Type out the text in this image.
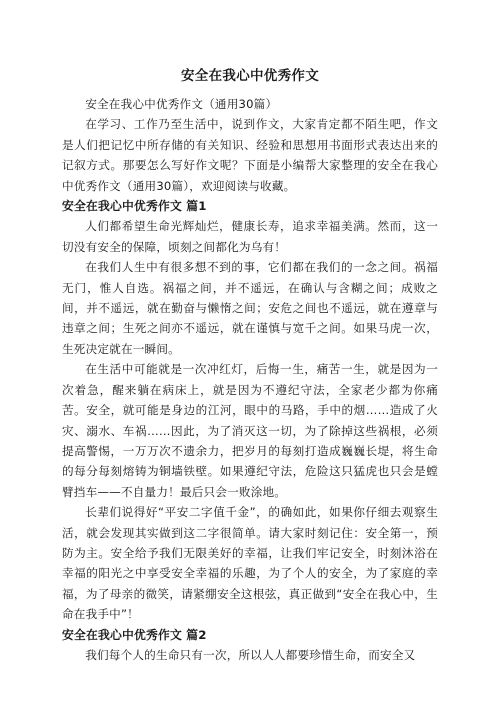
安全在我心中优秀作文

安全在我心中优秀作文（通用30篇）

在学习、工作乃至生活中，说到作文，大家肯定都不陌生吧，作文是人们把记忆中所存储的有关知识、经验和思想用书面形式表达出来的记叙方式。那要怎么写好作文呢？下面是小编帮大家整理的安全在我心中优秀作文（通用30篇），欢迎阅读与收藏。

安全在我心中优秀作文 篇1

人们都希望生命光辉灿烂，健康长寿，追求幸福美满。然而，这一切没有安全的保障，顷刻之间都化为乌有！

在我们人生中有很多想不到的事，它们都在我们的一念之间。祸福无门，惟人自选。祸福之间，并不遥远，在确认与含糊之间；成败之间，并不遥远，就在勤奋与懒惰之间；安危之间也不遥远，就在遵章与违章之间；生死之间亦不遥远，就在谨慎与宽千之间。如果马虎一次，生死决定就在一瞬间。

在生活中可能就是一次冲红灯，后悔一生，痛苦一生，就是因为一次着急，醒来躺在病床上，就是因为不遵纪守法，全家老少都为你痛苦。安全，就可能是身边的江河，眼中的马路，手中的烟……造成了火灾、溺水、车祸……因此，为了消灭这一切，为了除掉这些祸根，必须提高警惕，一万万次不遗余力，把岁月的每刻打造成巍巍长堤，将生命的每分每刻熔铸为铜墙铁壁。如果遵纪守法，危险这只猛虎也只会是螳臂挡车——不自量力！最后只会一败涂地。

长辈们说得好“平安二字值千金”，的确如此，如果你仔细去观察生活，就会发现其实做到这二字很简单。请大家时刻记住：安全第一，预防为主。安全给予我们无限美好的幸福，让我们牢记安全，时刻沐浴在幸福的阳光之中享受安全幸福的乐趣，为了个人的安全，为了家庭的幸福，为了母亲的微笑，请紧绷安全这根弦，真正做到“安全在我心中，生命在我手中”！

安全在我心中优秀作文 篇2

我们每个人的生命只有一次，所以人人都要珍惜生命，而安全又
